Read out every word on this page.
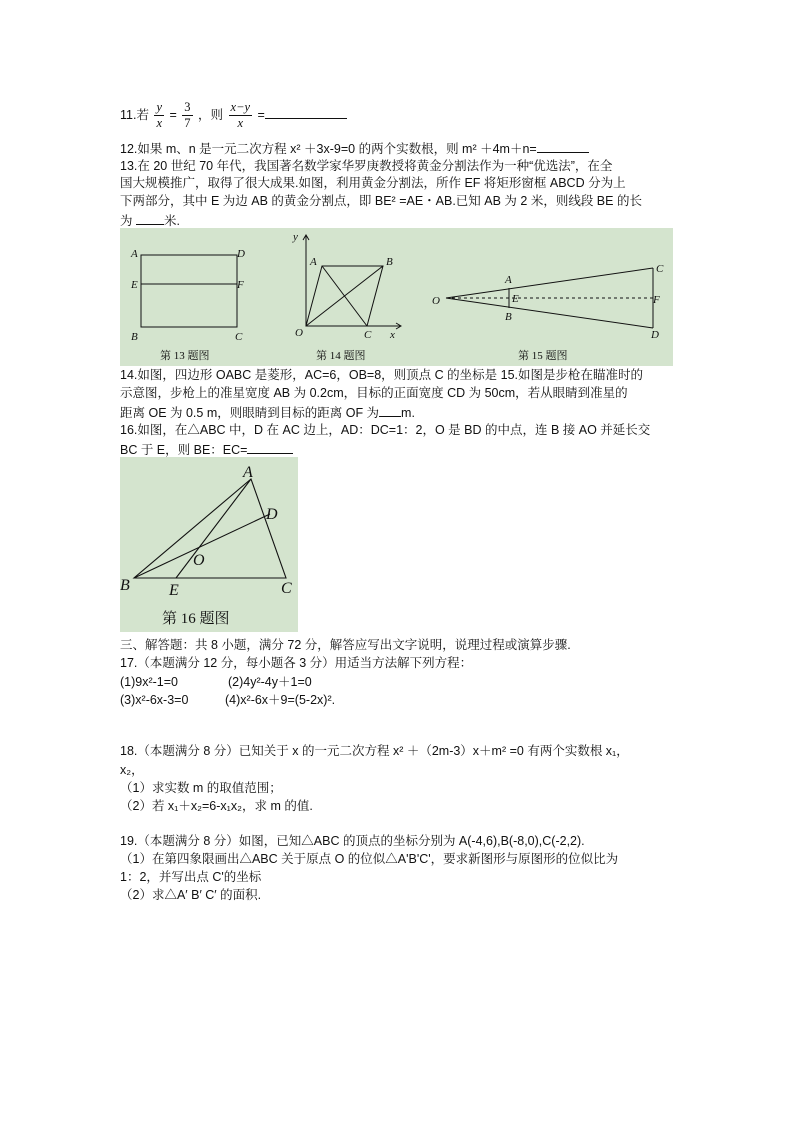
11.若 $\frac{y}{x} = \frac{3}{7}$ ，则 $\frac{x-y}{x}$ =
12.如果 m、n 是一元二次方程 x² ＋3x-9=0 的两个实数根，则 m² ＋4m＋n=
13.在 20 世纪 70 年代，我国著名数学家华罗庚教授将黄金分割法作为一种“优选法”，在全
国大规模推广，取得了很大成果.如图，利用黄金分割法，所作 EF 将矩形窗框 ABCD 分为上
下两部分，其中 E 为边 AB 的黄金分割点，即 BE² =AE・AB.已知 AB 为 2 米，则线段 BE 的长
为	米.
A	D
E	F
B	C
第 13 题图
y
A	B
O	C x
第 14 题图
A
C
O	E	F
B
D
第 15 题图
14.如图，四边形 OABC 是菱形，AC=6，OB=8，则顶点 C 的坐标是 15.如图是步枪在瞄准时的
示意图，步枪上的准星宽度 AB 为 0.2cm，目标的正面宽度 CD 为 50cm，若从眼睛到准星的
距离 OE 为 0.5 m，则眼睛到目标的距离 OF 为 m.
16.如图，在△ABC 中，D 在 AC 边上，AD：DC=1：2，O 是 BD 的中点，连 B 接 AO 并延长交
BC 于 E，则 BE：EC=
A
D
O
B E	C
第 16 题图
三、解答题：共 8 小题，满分 72 分，解答应写出文字说明，说理过程或演算步骤.
17.（本题满分 12 分，每小题各 3 分）用适当方法解下列方程：
(1)9x²-1=0	(2)4y²-4y＋1=0
(3)x²-6x-3=0	(4)x²-6x＋9=(5-2x)².
18.（本题满分 8 分）已知关于 x 的一元二次方程 x² ＋（2m-3）x＋m² =0 有两个实数根 x₁，
x₂，
（1）求实数 m 的取值范围；
（2）若 x₁＋x₂=6-x₁x₂，求 m 的值.
19.（本题满分 8 分）如图，已知△ABC 的顶点的坐标分别为 A(-4,6),B(-8,0),C(-2,2).
（1）在第四象限画出△ABC 关于原点 O 的位似△A'B'C'，要求新图形与原图形的位似比为
1：2，并写出点 C'的坐标
（2）求△A′ B′ C′ 的面积.
